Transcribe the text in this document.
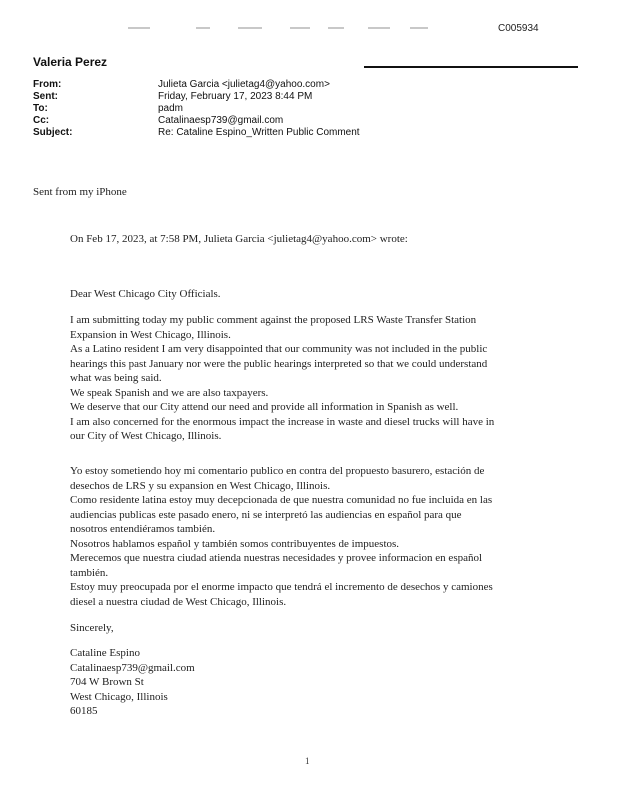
C005934
Valeria Perez
From:	Julieta Garcia <julietag4@yahoo.com>
Sent:	Friday, February 17, 2023 8:44 PM
To:	padm
Cc:	Catalinaesp739@gmail.com
Subject:	Re: Cataline Espino_Written Public Comment
Sent from my iPhone
On Feb 17, 2023, at 7:58 PM, Julieta Garcia <julietag4@yahoo.com> wrote:
Dear West Chicago City Officials.
I am submitting today my public comment against the proposed LRS Waste Transfer Station
Expansion in West Chicago, Illinois.
As a Latino resident I am very disappointed that our community was not included in the public
hearings this past January nor were the public hearings interpreted so that we could understand
what was being said.
We speak Spanish and we are also taxpayers.
We deserve that our City attend our need and provide all information in Spanish as well.
I am also concerned for the enormous impact the increase in waste and diesel trucks will have in
our City of West Chicago, Illinois.
Yo estoy sometiendo hoy mi comentario publico en contra del propuesto basurero, estación de
desechos de LRS y su expansion en West Chicago, Illinois.
Como residente latina estoy muy decepcionada de que nuestra comunidad no fue incluida en las
audiencias publicas este pasado enero, ni se interpretó las audiencias en español para que
nosotros entendiéramos también.
Nosotros hablamos español y también somos contribuyentes de impuestos.
Merecemos que nuestra ciudad atienda nuestras necesidades y provee informacion en español
también.
Estoy muy preocupada por el enorme impacto que tendrá el incremento de desechos y camiones
diesel a nuestra ciudad de West Chicago, Illinois.
Sincerely,
Cataline Espino
Catalinaesp739@gmail.com
704 W Brown St
West Chicago, Illinois
60185
1
